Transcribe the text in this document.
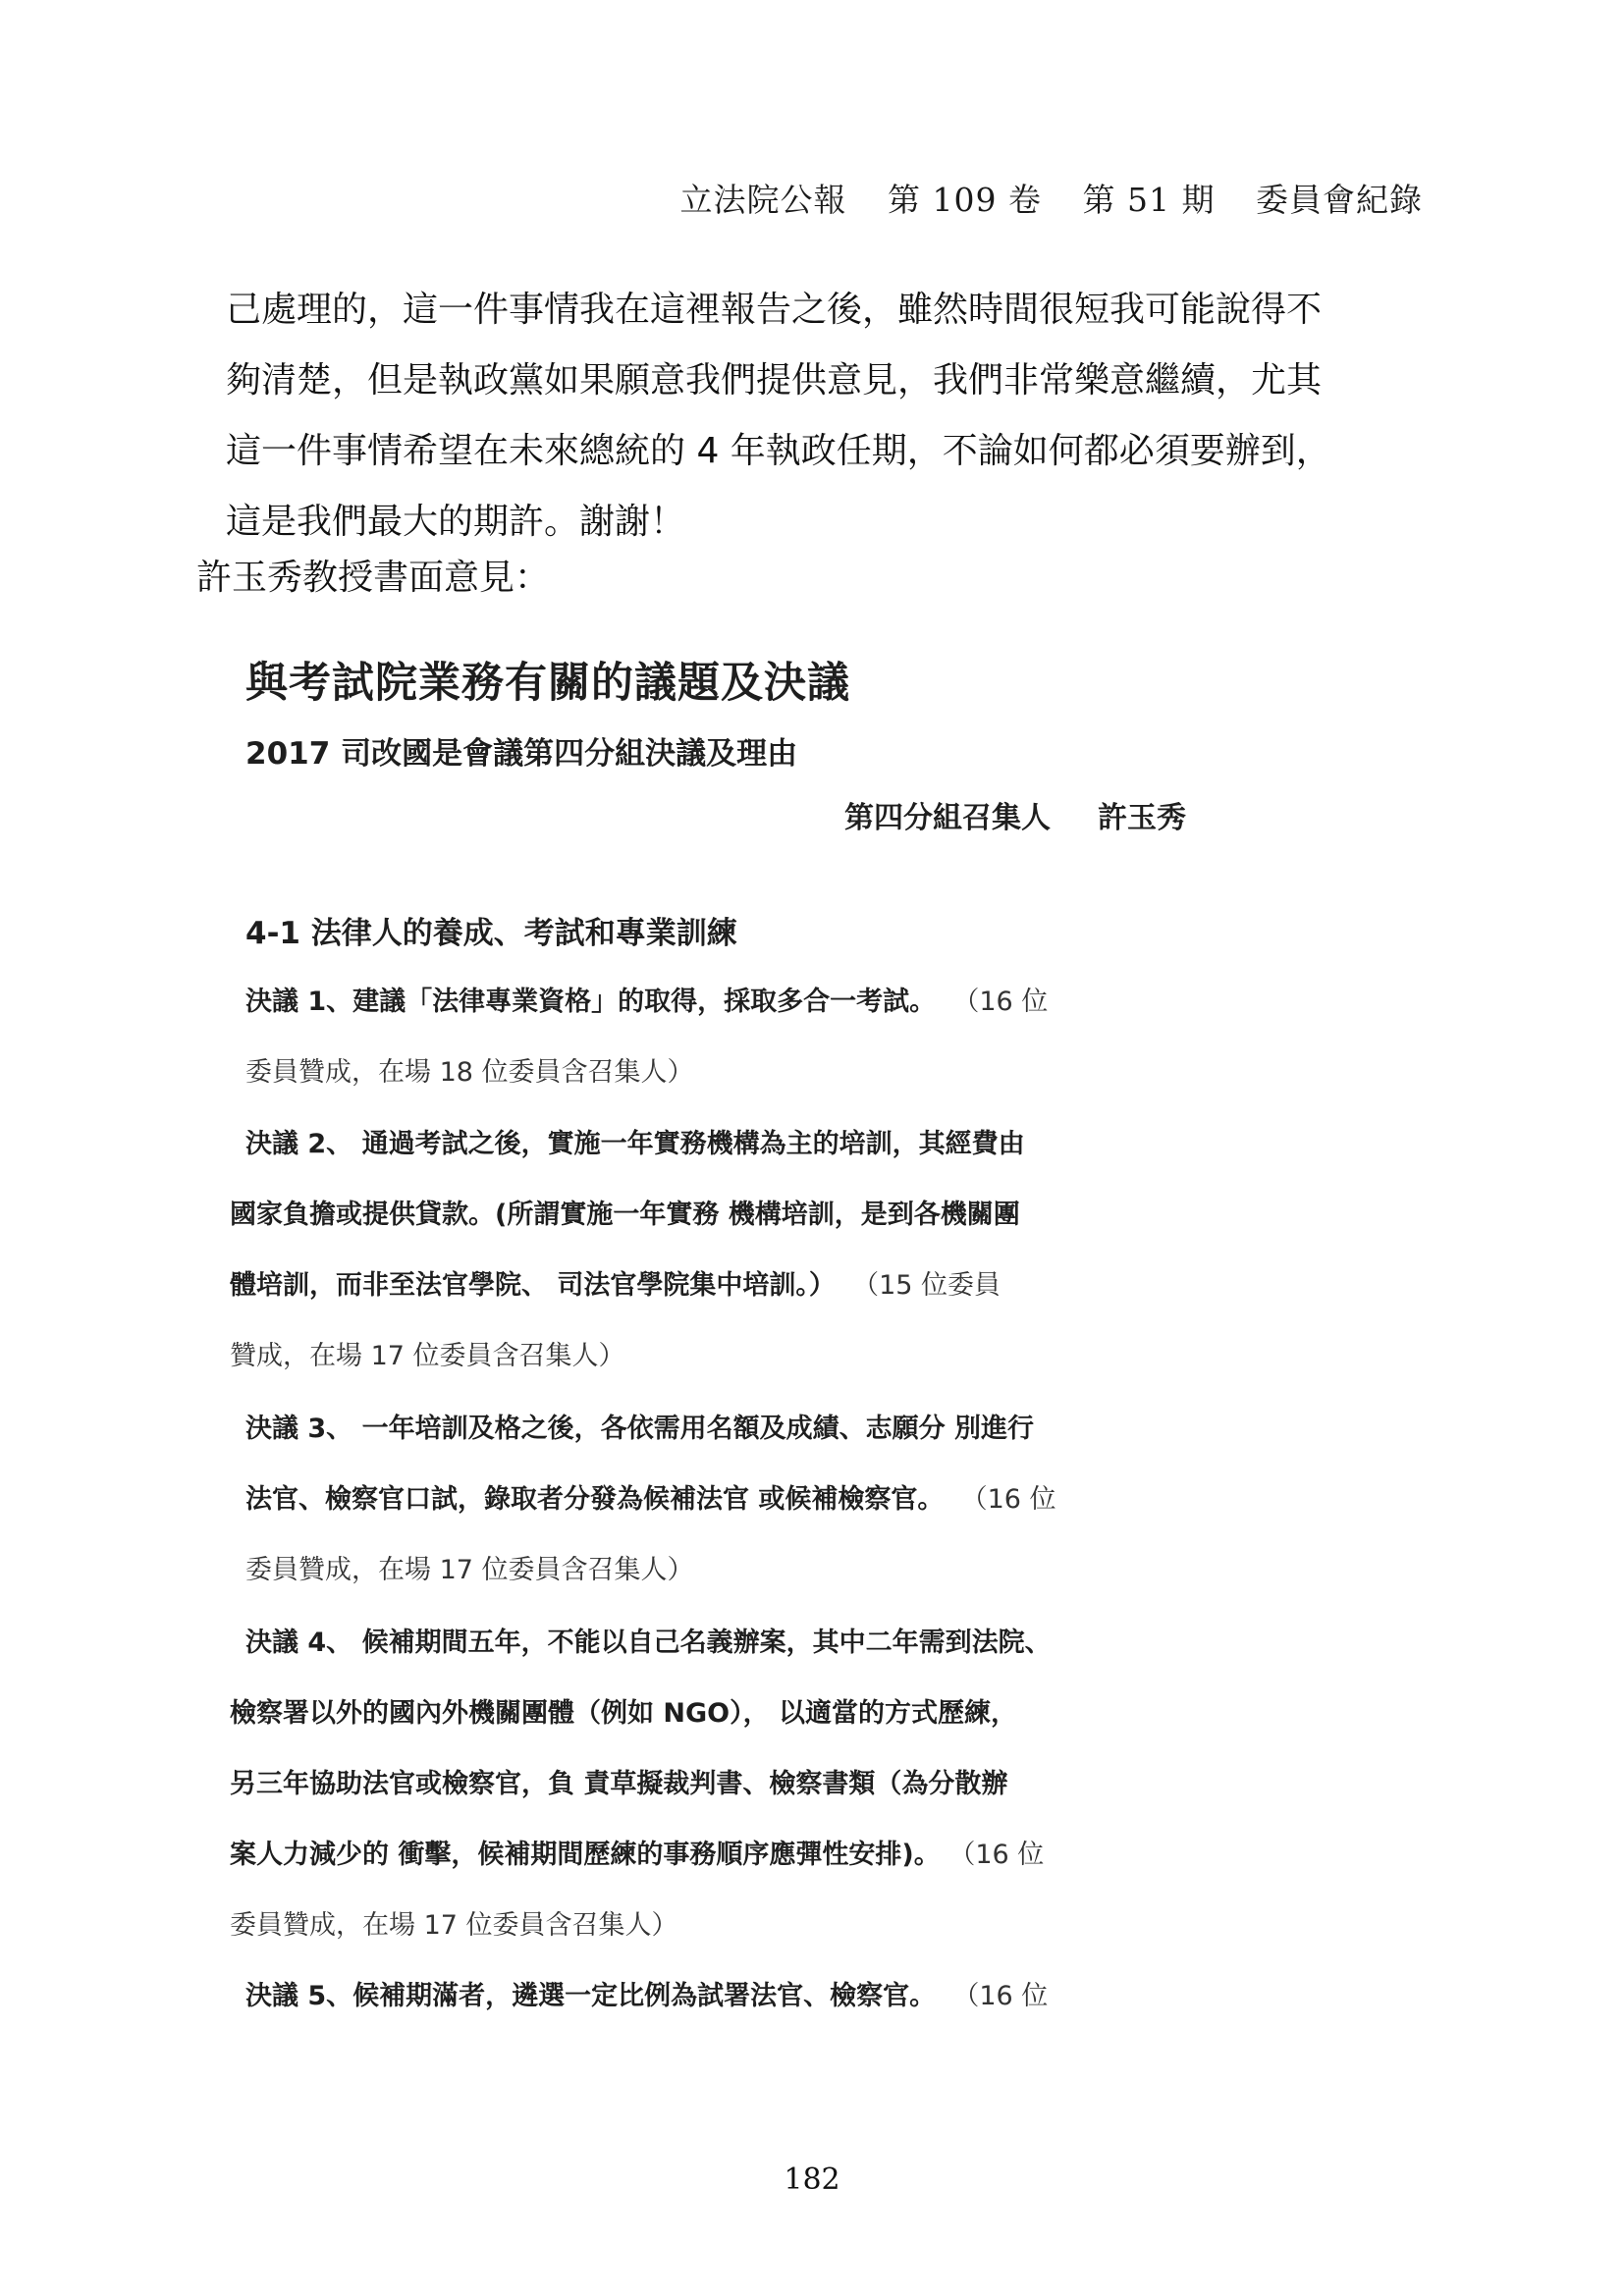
立法院公報 第 109 卷 第 51 期 委員會紀錄

己處理的，這一件事情我在這裡報告之後，雖然時間很短我可能說得不

夠清楚，但是執政黨如果願意我們提供意見，我們非常樂意繼續，尤其

這一件事情希望在未來總統的 4 年執政任期，不論如何都必須要辦到，

這是我們最大的期許。謝謝！

許玉秀教授書面意見：
與考試院業務有關的議題及決議
2017 司改國是會議第四分組決議及理由
第四分組召集人 許玉秀
4-1 法律人的養成、考試和專業訓練
決議 1、建議「法律專業資格」的取得，採取多合一考試。 （16 位
委員贊成，在場 18 位委員含召集人）
決議 2、 通過考試之後，實施一年實務機構為主的培訓，其經費由
國家負擔或提供貸款。(所謂實施一年實務 機構培訓，是到各機關團
體培訓，而非至法官學院、 司法官學院集中培訓。） （15 位委員
贊成，在場 17 位委員含召集人）
決議 3、 一年培訓及格之後，各依需用名額及成績、志願分 別進行
法官、檢察官口試，錄取者分發為候補法官 或候補檢察官。 （16 位
委員贊成，在場 17 位委員含召集人）
決議 4、 候補期間五年，不能以自己名義辦案，其中二年需到法院、
檢察署以外的國內外機關團體（例如 NGO）， 以適當的方式歷練，
另三年協助法官或檢察官，負 責草擬裁判書、檢察書類（為分散辦
案人力減少的 衝擊，候補期間歷練的事務順序應彈性安排)。 （16 位
委員贊成，在場 17 位委員含召集人）
決議 5、候補期滿者，遴選一定比例為試署法官、檢察官。 （16 位
182
